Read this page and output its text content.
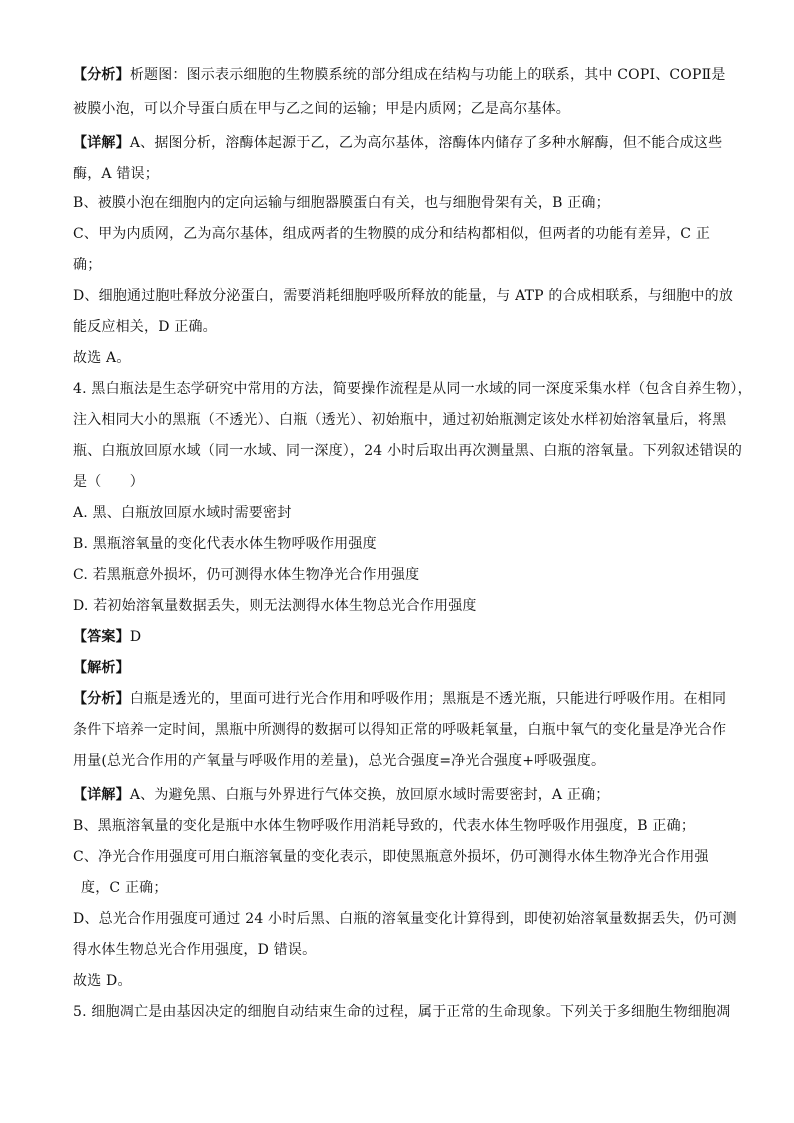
【分析】析题图：图示表示细胞的生物膜系统的部分组成在结构与功能上的联系，其中 COPⅠ、COPⅡ是
被膜小泡，可以介导蛋白质在甲与乙之间的运输；甲是内质网；乙是高尔基体。
【详解】A、据图分析，溶酶体起源于乙，乙为高尔基体，溶酶体内储存了多种水解酶，但不能合成这些
酶，A 错误；
B、被膜小泡在细胞内的定向运输与细胞器膜蛋白有关，也与细胞骨架有关，B 正确；
C、甲为内质网，乙为高尔基体，组成两者的生物膜的成分和结构都相似，但两者的功能有差异，C 正
确；
D、细胞通过胞吐释放分泌蛋白，需要消耗细胞呼吸所释放的能量，与 ATP 的合成相联系，与细胞中的放
能反应相关，D 正确。
故选 A。
4. 黑白瓶法是生态学研究中常用的方法，简要操作流程是从同一水域的同一深度采集水样（包含自养生物），
注入相同大小的黑瓶（不透光）、白瓶（透光）、初始瓶中，通过初始瓶测定该处水样初始溶氧量后，将黑
瓶、白瓶放回原水域（同一水域、同一深度），24 小时后取出再次测量黑、白瓶的溶氧量。下列叙述错误的
是（　　）
A. 黑、白瓶放回原水域时需要密封
B. 黑瓶溶氧量的变化代表水体生物呼吸作用强度
C. 若黑瓶意外损坏，仍可测得水体生物净光合作用强度
D. 若初始溶氧量数据丢失，则无法测得水体生物总光合作用强度
【答案】D
【解析】
【分析】白瓶是透光的，里面可进行光合作用和呼吸作用；黑瓶是不透光瓶，只能进行呼吸作用。在相同
条件下培养一定时间，黑瓶中所测得的数据可以得知正常的呼吸耗氧量，白瓶中氧气的变化量是净光合作
用量(总光合作用的产氧量与呼吸作用的差量)，总光合强度=净光合强度+呼吸强度。
【详解】A、为避免黑、白瓶与外界进行气体交换，放回原水域时需要密封，A 正确；
B、黑瓶溶氧量的变化是瓶中水体生物呼吸作用消耗导致的，代表水体生物呼吸作用强度，B 正确；
C、净光合作用强度可用白瓶溶氧量的变化表示，即使黑瓶意外损坏，仍可测得水体生物净光合作用强
度，C 正确；
D、总光合作用强度可通过 24 小时后黑、白瓶的溶氧量变化计算得到，即使初始溶氧量数据丢失，仍可测
得水体生物总光合作用强度，D 错误。
故选 D。
5. 细胞凋亡是由基因决定的细胞自动结束生命的过程，属于正常的生命现象。下列关于多细胞生物细胞凋
